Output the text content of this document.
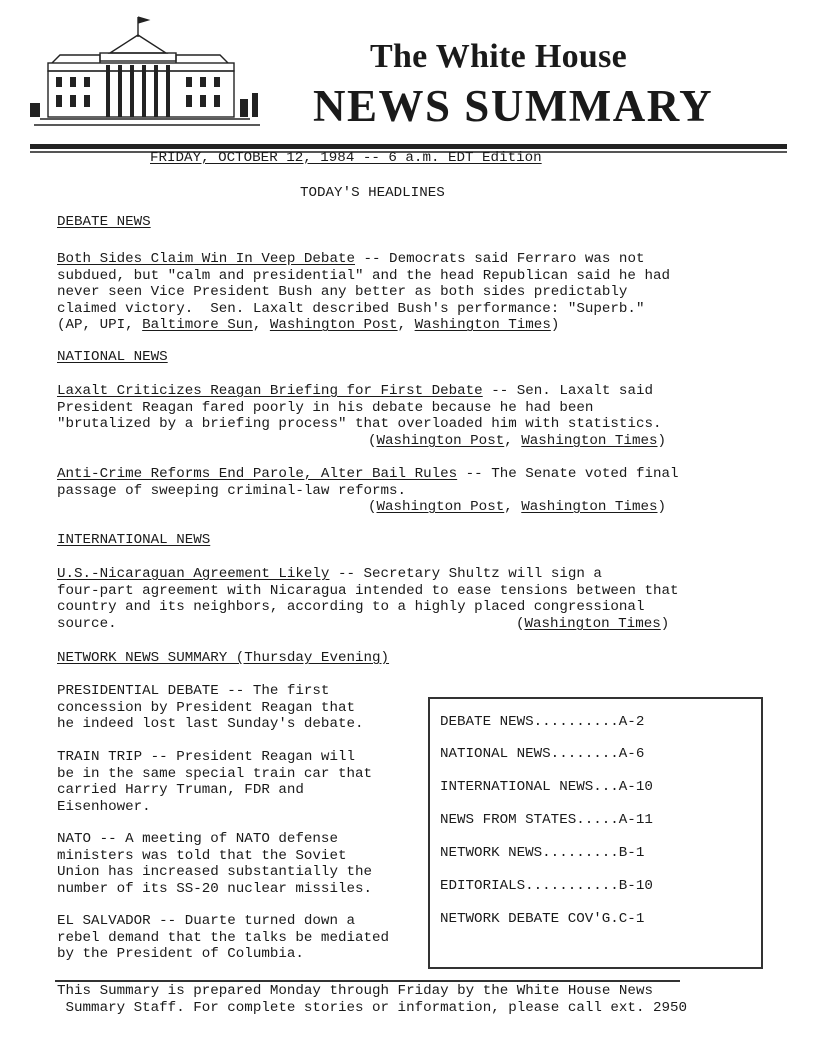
The White House
NEWS SUMMARY
FRIDAY, OCTOBER 12, 1984 -- 6 a.m. EDT Edition
TODAY'S HEADLINES
DEBATE NEWS
Both Sides Claim Win In Veep Debate -- Democrats said Ferraro was not
subdued, but "calm and presidential" and the head Republican said he had
never seen Vice President Bush any better as both sides predictably
claimed victory.  Sen. Laxalt described Bush's performance: "Superb."
(AP, UPI, Baltimore Sun, Washington Post, Washington Times)
NATIONAL NEWS
Laxalt Criticizes Reagan Briefing for First Debate -- Sen. Laxalt said
President Reagan fared poorly in his debate because he had been
"brutalized by a briefing process" that overloaded him with statistics.
(Washington Post, Washington Times)
Anti-Crime Reforms End Parole, Alter Bail Rules -- The Senate voted final
passage of sweeping criminal-law reforms.
(Washington Post, Washington Times)
INTERNATIONAL NEWS
U.S.-Nicaraguan Agreement Likely -- Secretary Shultz will sign a
four-part agreement with Nicaragua intended to ease tensions between that
country and its neighbors, according to a highly placed congressional
source.	(Washington Times)
NETWORK NEWS SUMMARY (Thursday Evening)
PRESIDENTIAL DEBATE -- The first
concession by President Reagan that
he indeed lost last Sunday's debate.
TRAIN TRIP -- President Reagan will
be in the same special train car that
carried Harry Truman, FDR and
Eisenhower.
NATO -- A meeting of NATO defense
ministers was told that the Soviet
Union has increased substantially the
number of its SS-20 nuclear missiles.
EL SALVADOR -- Duarte turned down a
rebel demand that the talks be mediated
by the President of Columbia.
DEBATE NEWS..........A-2
NATIONAL NEWS........A-6
INTERNATIONAL NEWS...A-10
NEWS FROM STATES.....A-11
NETWORK NEWS.........B-1
EDITORIALS...........B-10
NETWORK DEBATE COV'G.C-1
This Summary is prepared Monday through Friday by the White House News
Summary Staff. For complete stories or information, please call ext. 2950
